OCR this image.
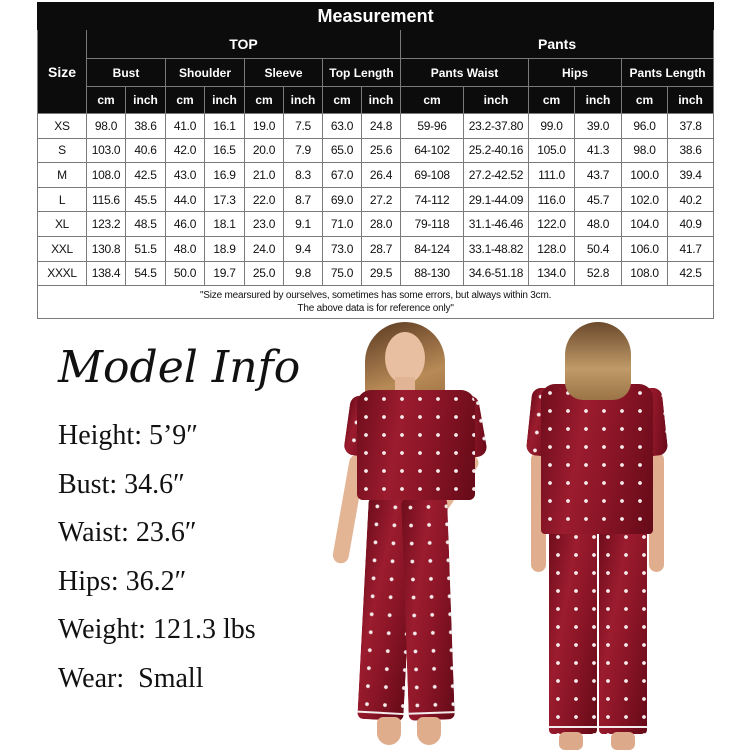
Measurement														
Size	TOP								Pants					
	Bust		Shoulder		Sleeve		Top Length		Pants Waist		Hips		Pants Length	
	cm	inch	cm	inch	cm	inch	cm	inch	cm	inch	cm	inch	cm	inch
XS	98.0	38.6	41.0	16.1	19.0	7.5	63.0	24.8	59-96	23.2-37.80	99.0	39.0	96.0	37.8
S	103.0	40.6	42.0	16.5	20.0	7.9	65.0	25.6	64-102	25.2-40.16	105.0	41.3	98.0	38.6
M	108.0	42.5	43.0	16.9	21.0	8.3	67.0	26.4	69-108	27.2-42.52	111.0	43.7	100.0	39.4
L	115.6	45.5	44.0	17.3	22.0	8.7	69.0	27.2	74-112	29.1-44.09	116.0	45.7	102.0	40.2
XL	123.2	48.5	46.0	18.1	23.0	9.1	71.0	28.0	79-118	31.1-46.46	122.0	48.0	104.0	40.9
XXL	130.8	51.5	48.0	18.9	24.0	9.4	73.0	28.7	84-124	33.1-48.82	128.0	50.4	106.0	41.7
XXXL	138.4	54.5	50.0	19.7	25.0	9.8	75.0	29.5	88-130	34.6-51.18	134.0	52.8	108.0	42.5
"Size mearsured by ourselves, sometimes has some errors, but always within 3cm.
The above data is for reference only"														
Model Info
Height: 5’9″
Bust: 34.6″
Waist: 23.6″
Hips: 36.2″
Weight: 121.3 lbs
Wear:  Small
